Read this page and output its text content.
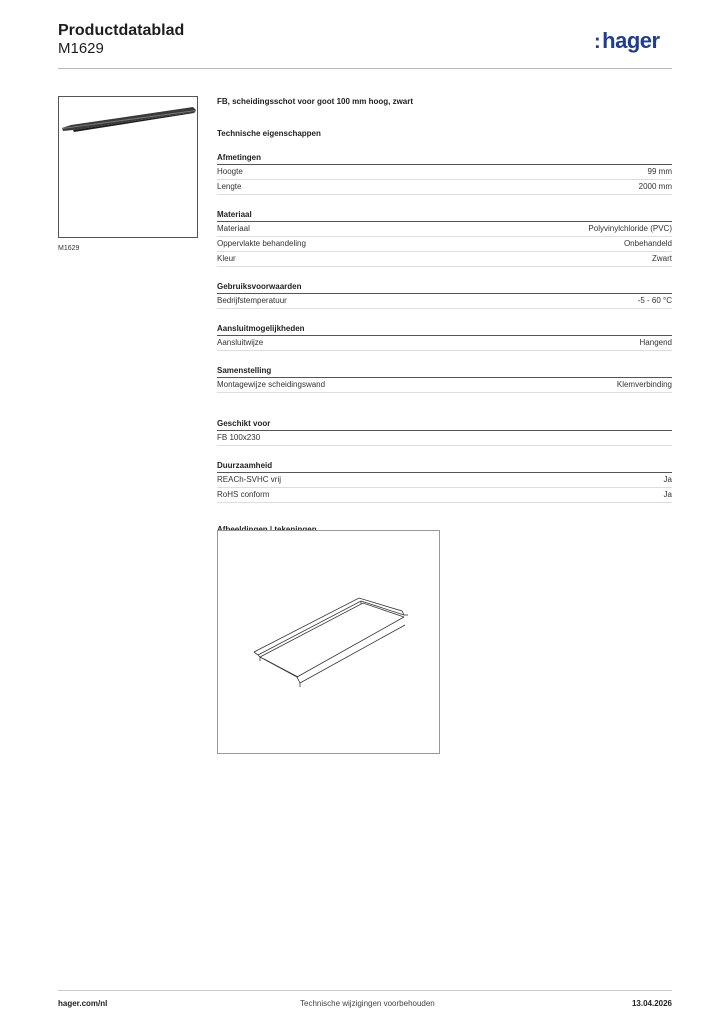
Productdatablad
M1629	:hager
M1629
FB, scheidingsschot voor goot 100 mm hoog, zwart
Technische eigenschappen
Afmetingen
Hoogte	99 mm
Lengte	2000 mm
Materiaal
Materiaal	Polyvinylchloride (PVC)
Oppervlakte behandeling	Onbehandeld
Kleur	Zwart
Gebruiksvoorwaarden
Bedrijfstemperatuur	-5 - 60 °C
Aansluitmogelijkheden
Aansluitwijze	Hangend
Samenstelling
Montagewijze scheidingswand	Klemverbinding
Geschikt voor
FB 100x230
Duurzaamheid
REACh-SVHC vrij	Ja
RoHS conform	Ja
hager.com/nl	Technische wijzigingen voorbehouden	13.04.2026
